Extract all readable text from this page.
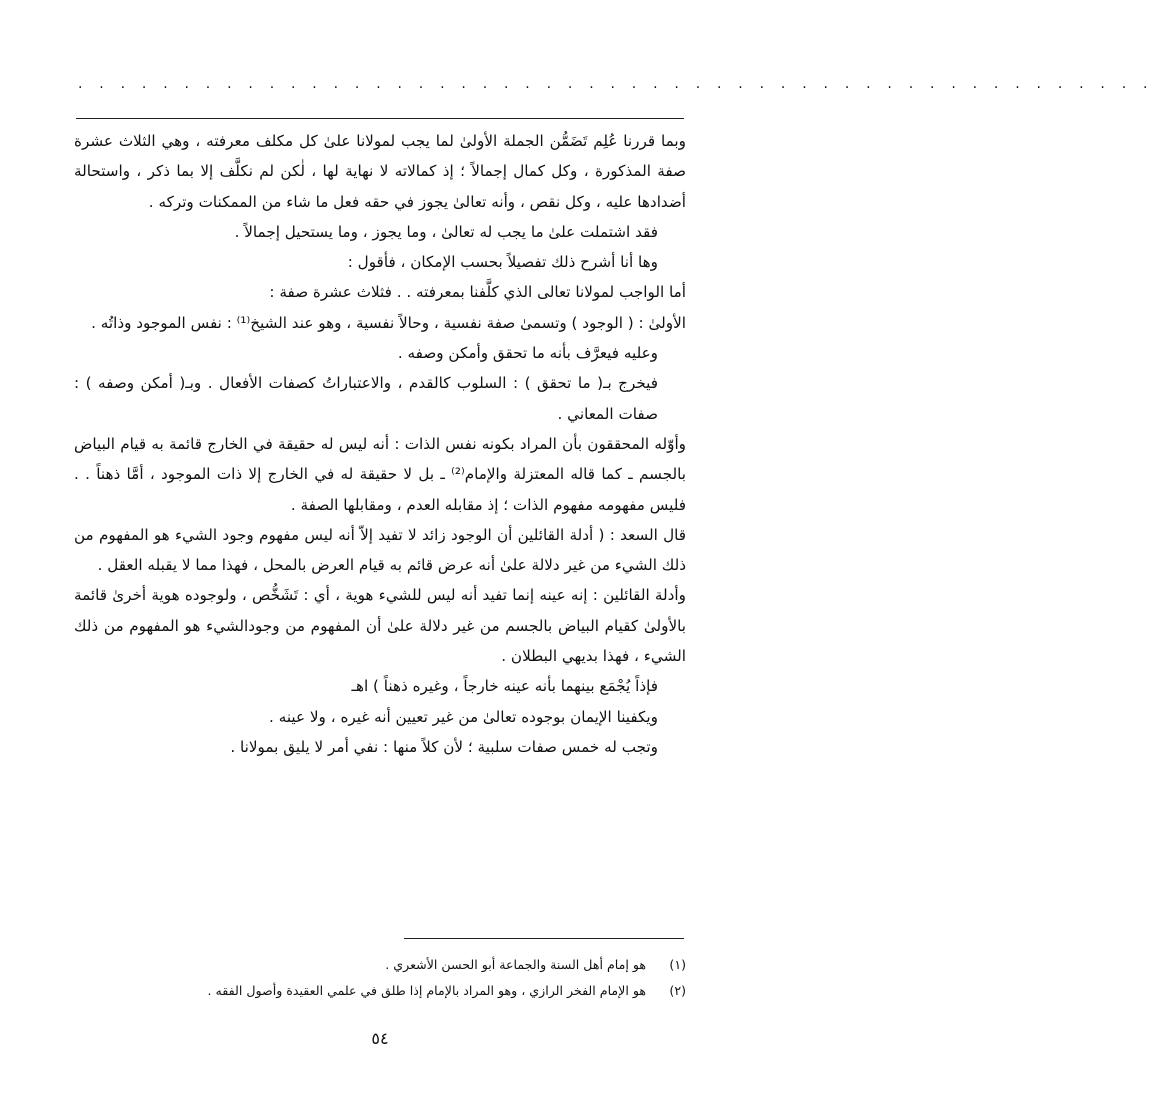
. . . . . . . . . . . . . . . . . . . . . . . . . . . . . . . . . . . . . . . . . . . . . . . . . . .

وبما قررنا عُلِم تَضَمُّن الجملة الأولىٰ لما يجب لمولانا علىٰ كل مكلف معرفته ، وهي الثلاث عشرة صفة المذكورة ، وكل كمال إجمالاً ؛ إذ كمالاته لا نهاية لها ، لٰكن لم نكلَّف إلا بما ذكر ، واستحالة أضدادها عليه ، وكل نقص ، وأنه تعالىٰ يجوز في حقه فعل ما شاء من الممكنات وتركه .

فقد اشتملت علىٰ ما يجب له تعالىٰ ، وما يجوز ، وما يستحيل إجمالاً .

وها أنا أشرح ذلك تفصيلاً بحسب الإمكان ، فأقول :

أما الواجب لمولانا تعالى الذي كلَّفنا بمعرفته . . فثلاث عشرة صفة :

الأولىٰ : ( الوجود ) وتسمىٰ صفة نفسية ، وحالاً نفسية ، وهو عند الشيخ⁽¹⁾ : نفس الموجود وذاتُه .

وعليه فيعرَّف بأنه ما تحقق وأمكن وصفه .

فيخرج بـ( ما تحقق ) : السلوب كالقدم ، والاعتباراتُ كصفات الأفعال . وبـ( أمكن وصفه ) : صفات المعاني .

وأوّله المحققون بأن المراد بكونه نفس الذات : أنه ليس له حقيقة في الخارج قائمة به قيام البياض بالجسم ـ كما قاله المعتزلة والإمام⁽²⁾ ـ بل لا حقيقة له في الخارج إلا ذات الموجود ، أمَّا ذهناً . . فليس مفهومه مفهوم الذات ؛ إذ مقابله العدم ، ومقابلها الصفة .

قال السعد : ( أدلة القائلين أن الوجود زائد لا تفيد إلاّ أنه ليس مفهوم وجود الشيء هو المفهوم من ذلك الشيء من غير دلالة علىٰ أنه عرض قائم به قيام العرض بالمحل ، فهذا مما لا يقبله العقل .

وأدلة القائلين : إنه عينه إنما تفيد أنه ليس للشيء هوية ، أي : تَشَخُّص ، ولوجوده هوية أخرىٰ قائمة بالأولىٰ كقيام البياض بالجسم من غير دلالة علىٰ أن المفهوم من وجودالشيء هو المفهوم من ذلك الشيء ، فهذا بديهي البطلان .

فإذاً يُجْمَع بينهما بأنه عينه خارجاً ، وغيره ذهناً ) اهـ

ويكفينا الإيمان بوجوده تعالىٰ من غير تعيين أنه غيره ، ولا عينه .

وتجب له خمس صفات سلبية ؛ لأن كلاً منها : نفي أمر لا يليق بمولانا .

(١)
هو إمام أهل السنة والجماعة أبو الحسن الأشعري .
(٢)
هو الإمام الفخر الرازي ، وهو المراد بالإمام إذا طلق في علمي العقيدة وأصول الفقه .
٥٤
